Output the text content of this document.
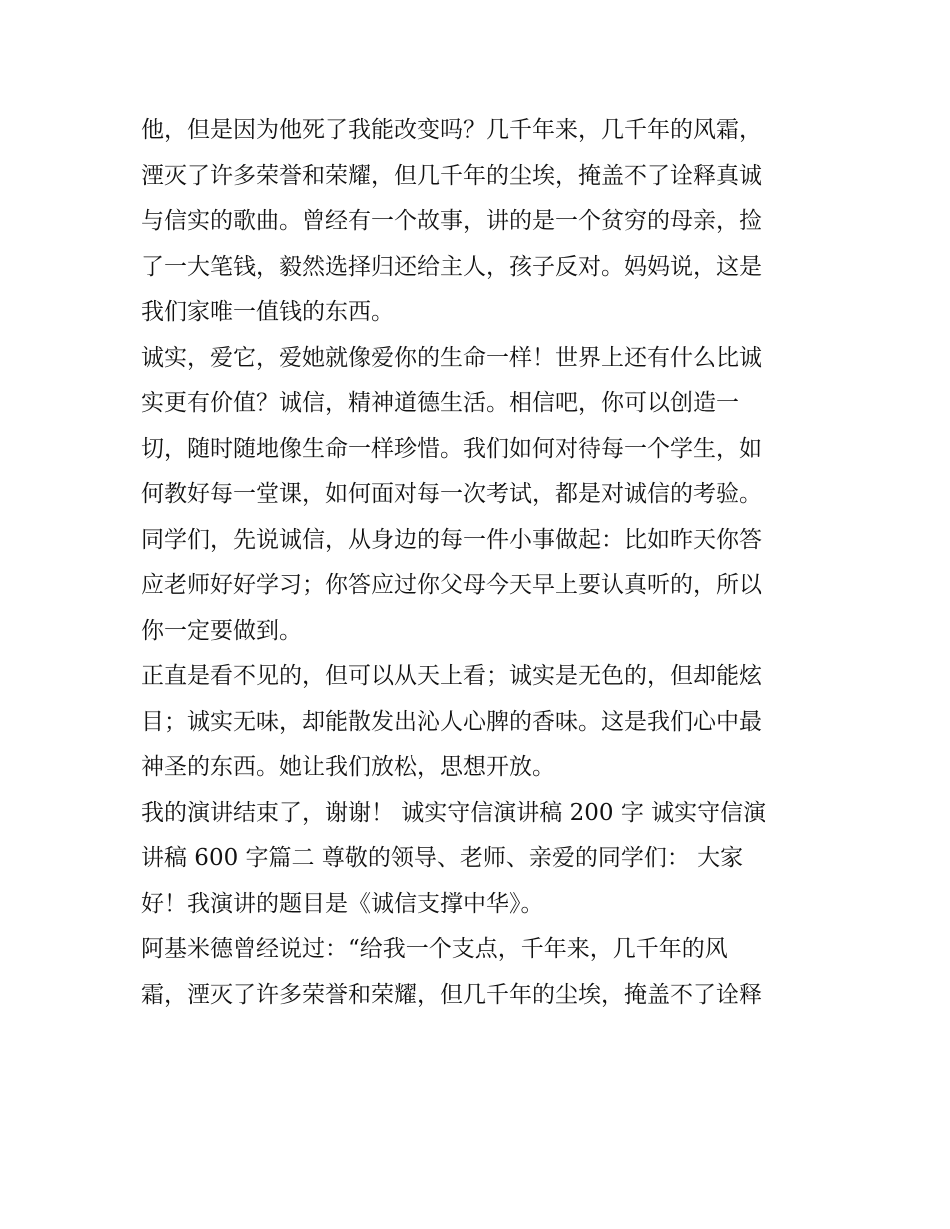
他，但是因为他死了我能改变吗？几千年来，几千年的风霜，
湮灭了许多荣誉和荣耀，但几千年的尘埃，掩盖不了诠释真诚
与信实的歌曲。曾经有一个故事，讲的是一个贫穷的母亲，捡
了一大笔钱，毅然选择归还给主人，孩子反对。妈妈说，这是
我们家唯一值钱的东西。
诚实，爱它，爱她就像爱你的生命一样！世界上还有什么比诚
实更有价值？诚信，精神道德生活。相信吧，你可以创造一
切，随时随地像生命一样珍惜。我们如何对待每一个学生，如
何教好每一堂课，如何面对每一次考试，都是对诚信的考验。
同学们，先说诚信，从身边的每一件小事做起：比如昨天你答
应老师好好学习；你答应过你父母今天早上要认真听的，所以
你一定要做到。
正直是看不见的，但可以从天上看；诚实是无色的，但却能炫
目；诚实无味，却能散发出沁人心脾的香味。这是我们心中最
神圣的东西。她让我们放松，思想开放。
我的演讲结束了，谢谢！ 诚实守信演讲稿 200 字 诚实守信演
讲稿 600 字篇二 尊敬的领导、老师、亲爱的同学们： 大家
好！我演讲的题目是《诚信支撑中华》。
阿基米德曾经说过：“给我一个支点，千年来，几千年的风
霜，湮灭了许多荣誉和荣耀，但几千年的尘埃，掩盖不了诠释
